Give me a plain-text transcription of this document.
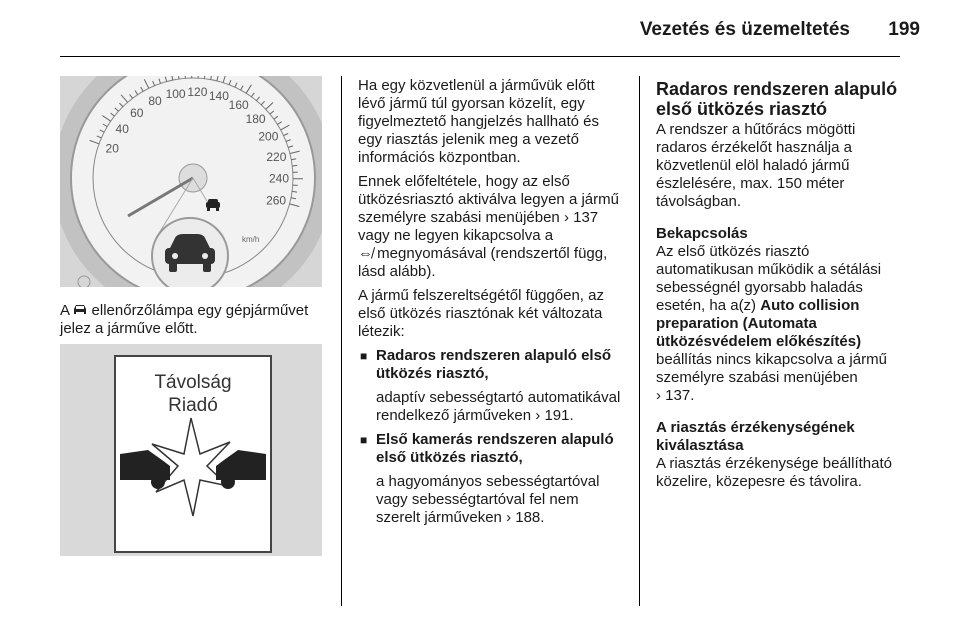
Vezetés és üzemeltetés 199
20
40
60
80
100 120 140
160
180
200
220
240
260
km/h
A ellenőrzőlámpa egy gépjárművet jelez a járműve előtt.
Távolság
Riadó

Ha egy közvetlenül a járművük előtt lévő jármű túl gyorsan közelít, egy figyelmeztető hangjelzés hallható és egy riasztás jelenik meg a vezető információs központban.

Ennek előfeltétele, hogy az első ütközésriasztó aktiválva legyen a jármű személyre szabási menüjében › 137 vagy ne legyen kikapcsolva a
⇎ megnyomásával (rendszertől függ, lásd alább).

A jármű felszereltségétől függően, az első ütközés riasztónak két változata létezik:

■ Radaros rendszeren alapuló első ütközés riasztó,

adaptív sebességtartó automatikával rendelkező járműveken › 191.

■ Első kamerás rendszeren alapuló első ütközés riasztó,

a hagyományos sebességtartóval vagy sebességtartóval fel nem szerelt járműveken › 188.

Radaros rendszeren alapuló első ütközés riasztó

A rendszer a hűtőrács mögötti radaros érzékelőt használja a közvetlenül elöl haladó jármű észlelésére, max. 150 méter távolságban.

Bekapcsolás

Az első ütközés riasztó automatikusan működik a sétálási sebességnél gyorsabb haladás esetén, ha a(z) Auto collision preparation (Automata ütközésvédelem előkészítés) beállítás nincs kikapcsolva a jármű személyre szabási menüjében
› 137.

A riasztás érzékenységének kiválasztása

A riasztás érzékenysége beállítható közelire, közepesre és távolira.
